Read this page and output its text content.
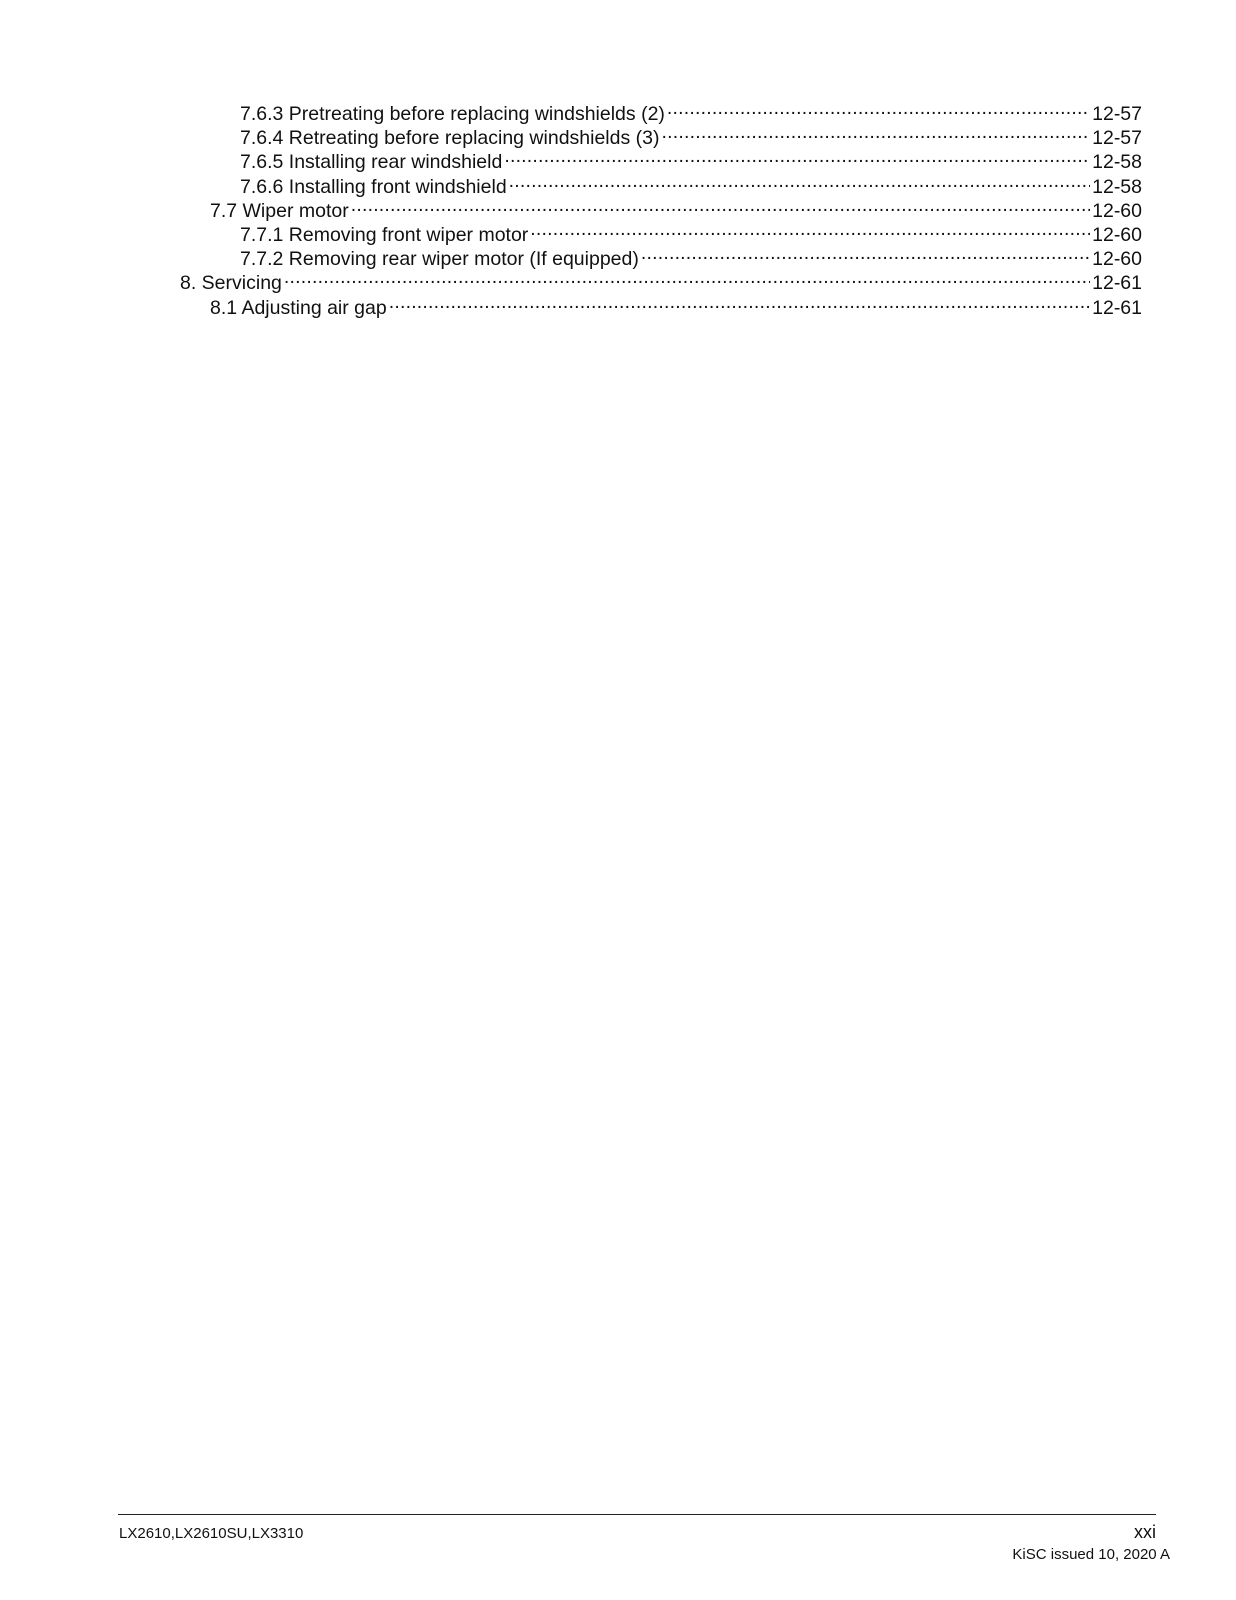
7.6.3 Pretreating before replacing windshields (2) .....	12-57
7.6.4 Retreating before replacing windshields (3) .....	12-57
7.6.5 Installing rear windshield .....	12-58
7.6.6 Installing front windshield .....	12-58
7.7 Wiper motor .....	12-60
7.7.1 Removing front wiper motor .....	12-60
7.7.2 Removing rear wiper motor (If equipped) .....	12-60
8. Servicing .....	12-61
8.1 Adjusting air gap .....	12-61
LX2610,LX2610SU,LX3310	xxi
KiSC issued 10, 2020 A
